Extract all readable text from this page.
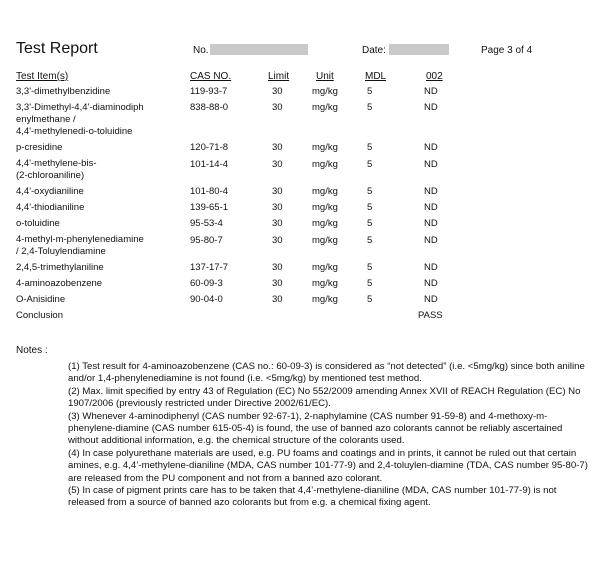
Test Report	No.	Date:	Page 3 of 4
Test Item(s)	CAS NO.	Limit	Unit	MDL	002
3,3'-dimethylbenzidine	119-93-7	30	mg/kg	5	ND
3,3'-Dimethyl-4,4'-diaminodiph
enylmethane /
4,4'-methylenedi-o-toluidine
838-88-0	30	mg/kg	5	ND
p-cresidine	120-71-8	30	mg/kg	5	ND
4,4'-methylene-bis-
(2-chloroaniline)
101-14-4	30	mg/kg	5	ND
4,4'-oxydianiline	101-80-4	30	mg/kg	5	ND
4,4'-thiodianiline	139-65-1	30	mg/kg	5	ND
o-toluidine	95-53-4	30	mg/kg	5	ND
4-methyl-m-phenylenediamine
/ 2,4-Toluylendiamine
95-80-7	30	mg/kg	5	ND
2,4,5-trimethylaniline	137-17-7	30	mg/kg	5	ND
4-aminoazobenzene	60-09-3	30	mg/kg	5	ND
O-Anisidine	90-04-0	30	mg/kg	5	ND
Conclusion	PASS
Notes :

(1) Test result for 4-aminoazobenzene (CAS no.: 60-09-3) is considered as “not detected” (i.e. <5mg/kg) since both aniline and/or 1,4-phenylenediamine is not found (i.e. <5mg/kg) by mentioned test method.

(2) Max. limit specified by entry 43 of Regulation (EC) No 552/2009 amending Annex XVII of REACH Regulation (EC) No 1907/2006 (previously restricted under Directive 2002/61/EC).

(3) Whenever 4-aminodiphenyl (CAS number 92-67-1), 2-naphylamine (CAS number 91-59-8) and 4-methoxy-m-phenylene-diamine (CAS number 615-05-4) is found, the use of banned azo colorants cannot be reliably ascertained without additional information, e.g. the chemical structure of the colorants used.

(4) In case polyurethane materials are used, e.g. PU foams and coatings and in prints, it cannot be ruled out that certain amines, e.g. 4,4’-methylene-dianiline (MDA, CAS number 101-77-9) and 2,4-toluylen-diamine (TDA, CAS number 95-80-7) are released from the PU component and not from a banned azo colorant.

(5) In case of pigment prints care has to be taken that 4,4’-methylene-dianiline (MDA, CAS number 101-77-9) is not released from a source of banned azo colorants but from e.g. a chemical fixing agent.
